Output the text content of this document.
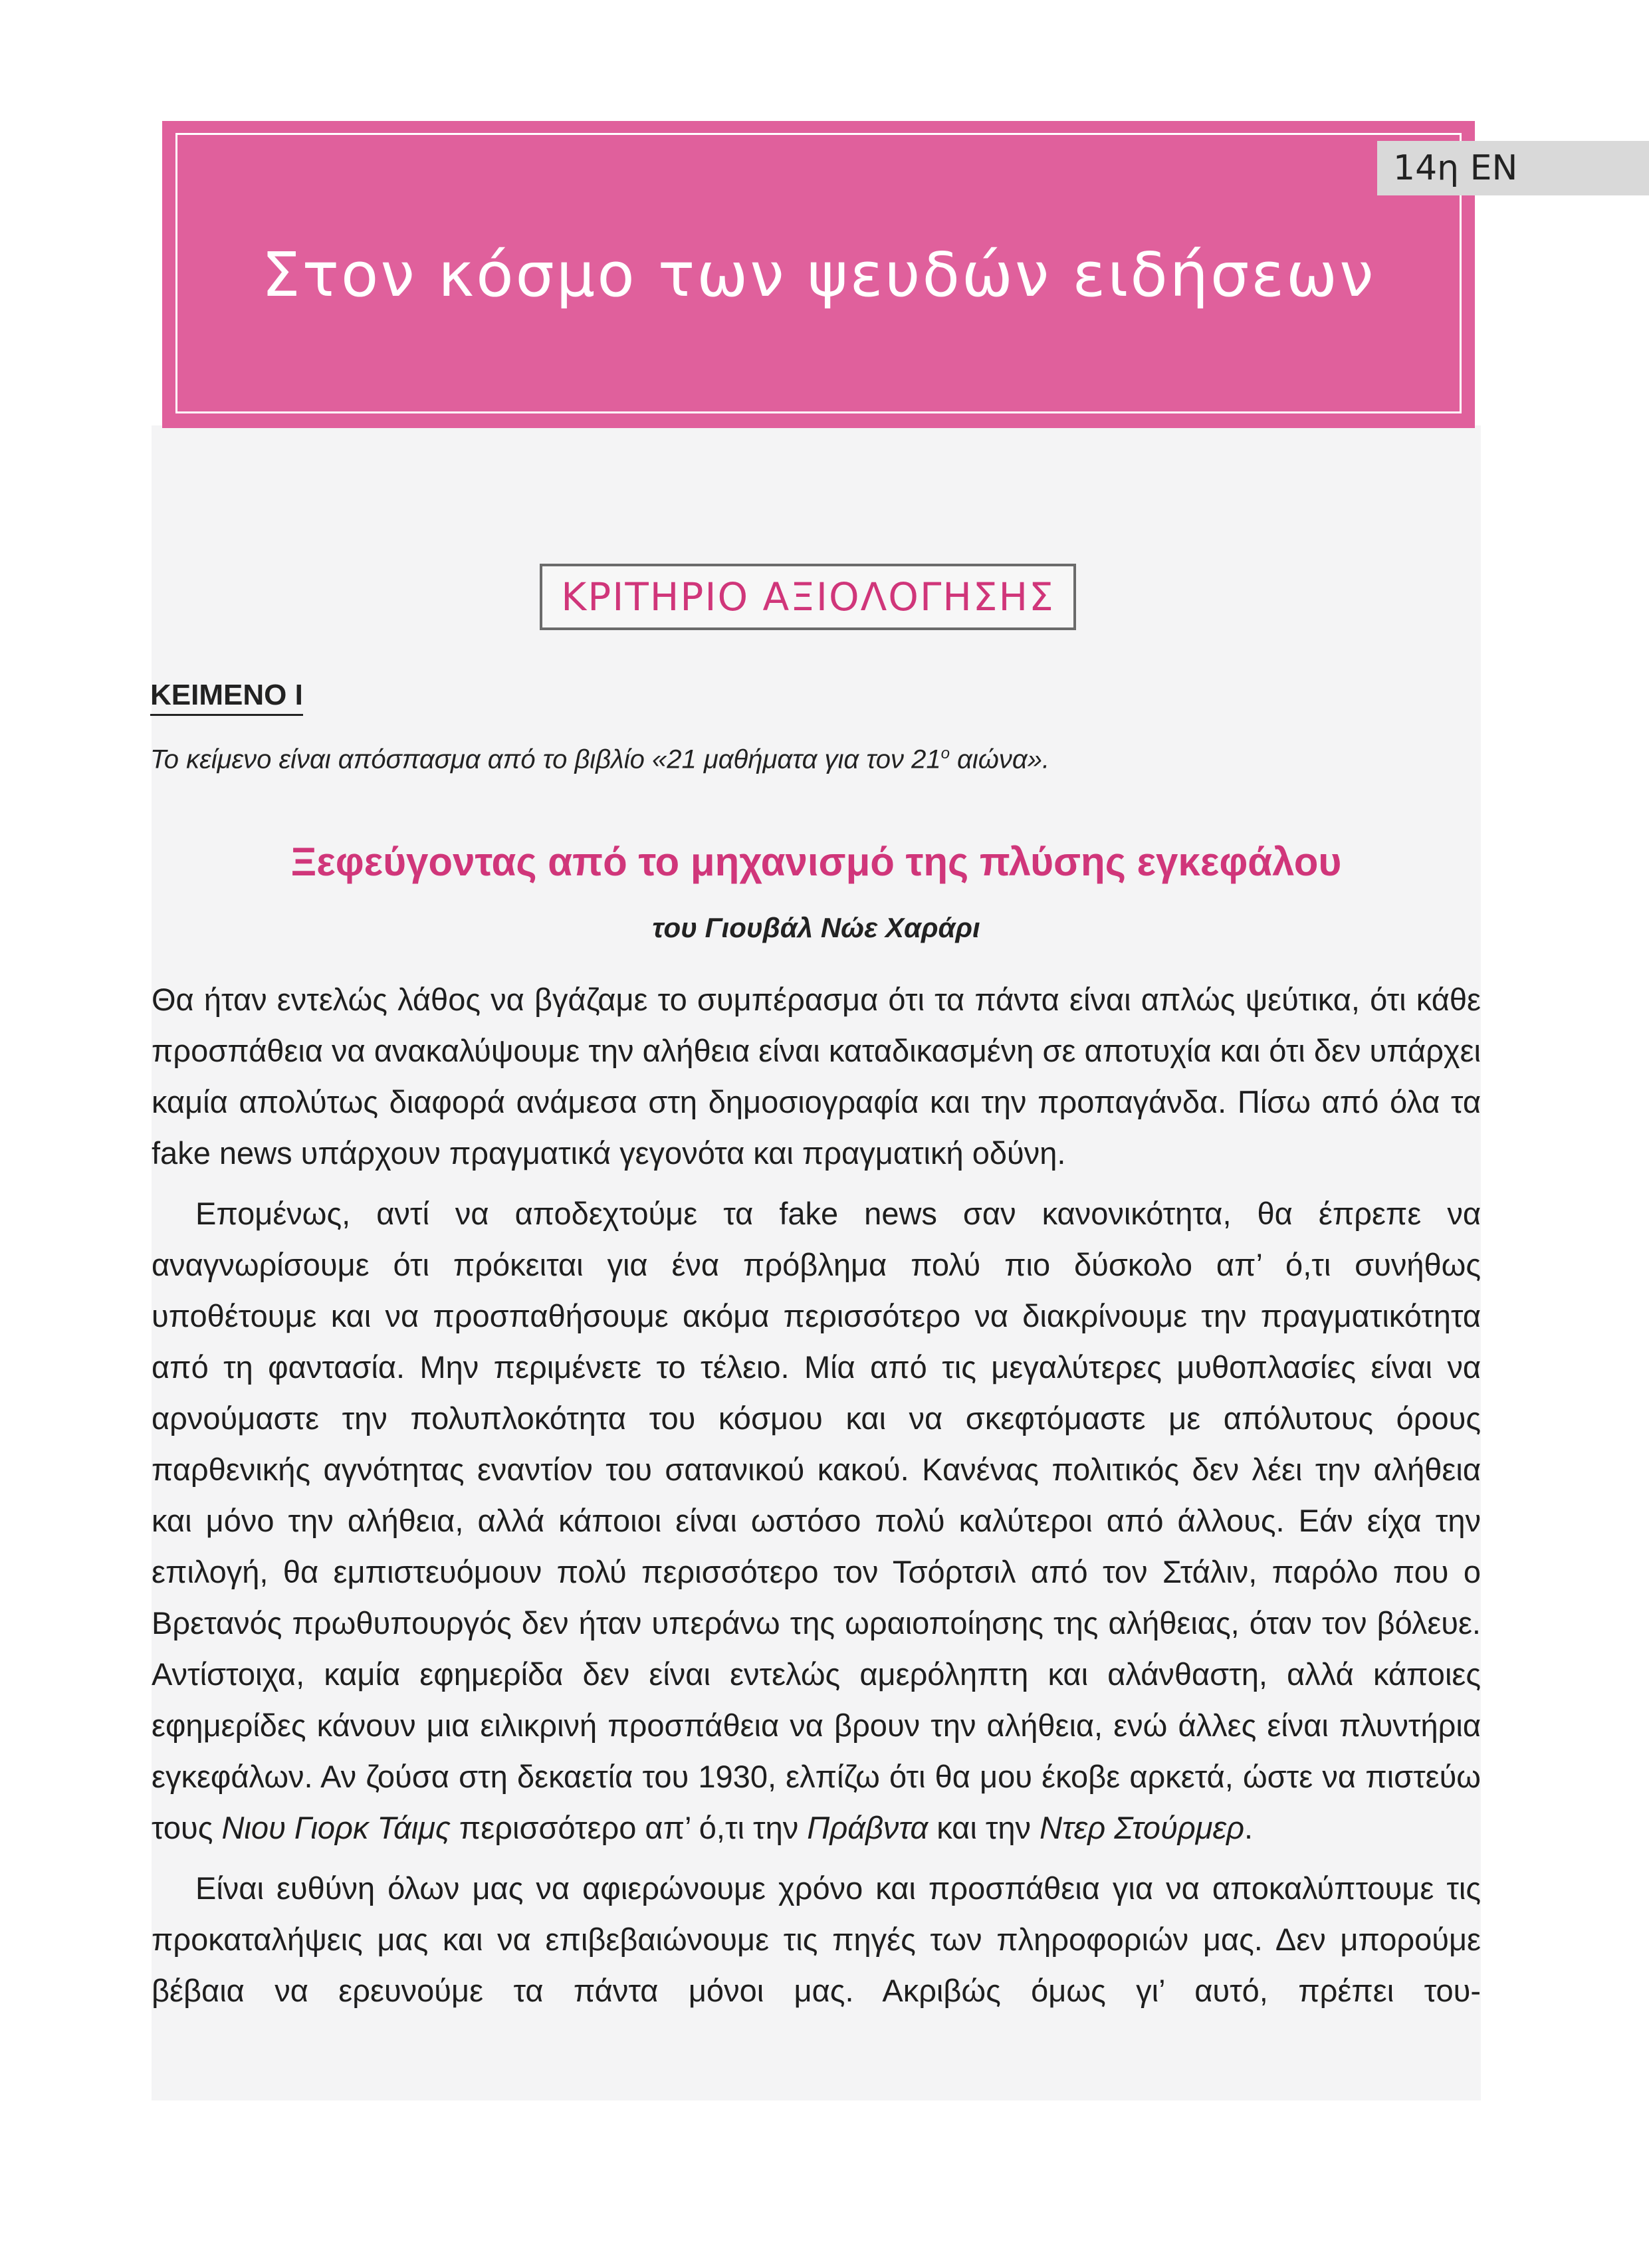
14η ΕΝ
Στον κόσμο των ψευδών ειδήσεων
ΚΡΙΤΗΡΙΟ ΑΞΙΟΛΟΓΗΣΗΣ
ΚΕΙΜΕΝΟ Ι
Το κείμενο είναι απόσπασμα από το βιβλίο «21 μαθήματα για τον $21^o$ αιώνα».
Ξεφεύγοντας από το μηχανισμό της πλύσης εγκεφάλου
του Γιουβάλ Νώε Χαράρι

Θα ήταν εντελώς λάθος να βγάζαμε το συμπέρασμα ότι τα πάντα είναι απλώς ψεύτικα, ότι κάθε προσπάθεια να ανακαλύψουμε την αλήθεια είναι καταδικασμένη σε αποτυχία και ότι δεν υπάρχει καμία απολύτως διαφορά ανάμεσα στη δημοσιογραφία και την προπαγάνδα. Πίσω από όλα τα fake news υπάρχουν πραγματικά γεγονότα και πραγματική οδύνη.

Επομένως, αντί να αποδεχτούμε τα fake news σαν κανονικότητα, θα έπρεπε να αναγνωρίσουμε ότι πρόκειται για ένα πρόβλημα πολύ πιο δύσκολο απ’ ό,τι συνήθως υποθέτουμε και να προσπαθήσουμε ακόμα περισσότερο να διακρίνουμε την πραγματικότητα από τη φαντασία. Μην περιμένετε το τέλειο. Μία από τις μεγαλύτερες μυθοπλασίες είναι να αρνούμαστε την πολυπλοκότητα του κόσμου και να σκεφτόμαστε με απόλυτους όρους παρθενικής αγνότητας εναντίον του σατανικού κακού. Κανένας πολιτικός δεν λέει την αλήθεια και μόνο την αλήθεια, αλλά κάποιοι είναι ωστόσο πολύ καλύτεροι από άλλους. Εάν είχα την επιλογή, θα εμπιστευόμουν πολύ περισσότερο τον Τσόρτσιλ από τον Στάλιν, παρόλο που ο Βρετανός πρωθυπουργός δεν ήταν υπεράνω της ωραιοποίησης της αλήθειας, όταν τον βόλευε. Αντίστοιχα, καμία εφημερίδα δεν είναι εντελώς αμερόληπτη και αλάνθαστη, αλλά κάποιες εφημερίδες κάνουν μια ειλικρινή προσπάθεια να βρουν την αλήθεια, ενώ άλλες είναι πλυντήρια εγκεφάλων. Αν ζούσα στη δεκαετία του 1930, ελπίζω ότι θα μου έκοβε αρκετά, ώστε να πιστεύω τους Νιου Γιορκ Τάιμς περισσότερο απ’ ό,τι την Πράβντα και την Ντερ Στούρμερ.

Είναι ευθύνη όλων μας να αφιερώνουμε χρόνο και προσπάθεια για να αποκαλύπτουμε τις προκαταλήψεις μας και να επιβεβαιώνουμε τις πηγές των πληροφοριών μας. Δεν μπορούμε βέβαια να ερευνούμε τα πάντα μόνοι μας. Ακριβώς όμως γι’ αυτό, πρέπει του-
